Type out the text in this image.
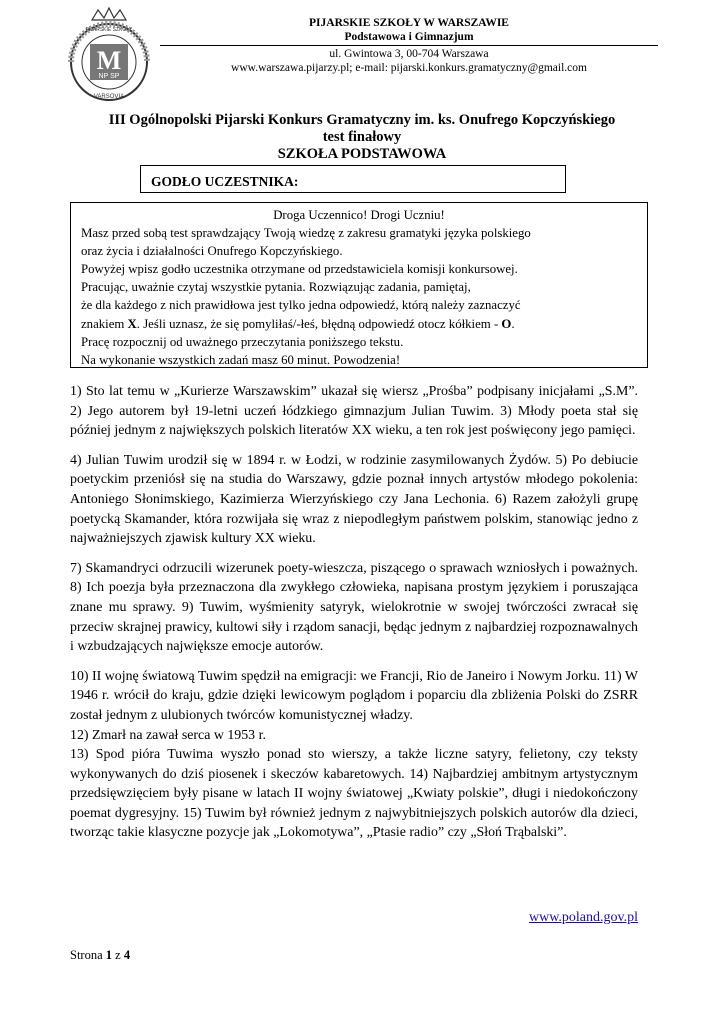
M
NP SP
VARSOVIA
PIJARSKIE SZKOŁY
PIJARSKIE SZKOŁY W WARSZAWIE
Podstawowa i Gimnazjum
ul. Gwintowa 3, 00-704 Warszawa
www.warszawa.pijarzy.pl; e-mail: pijarski.konkurs.gramatyczny@gmail.com
III Ogólnopolski Pijarski Konkurs Gramatyczny im. ks. Onufrego Kopczyńskiego
test finałowy
SZKOŁA PODSTAWOWA
GODŁO UCZESTNIKA:
Droga Uczennico! Drogi Uczniu!
Masz przed sobą test sprawdzający Twoją wiedzę z zakresu gramatyki języka polskiego
oraz życia i działalności Onufrego Kopczyńskiego.
Powyżej wpisz godło uczestnika otrzymane od przedstawiciela komisji konkursowej.
Pracując, uważnie czytaj wszystkie pytania. Rozwiązując zadania, pamiętaj,
że dla każdego z nich prawidłowa jest tylko jedna odpowiedź, którą należy zaznaczyć
znakiem X. Jeśli uznasz, że się pomyliłaś/-łeś, błędną odpowiedź otocz kółkiem - O.
Pracę rozpocznij od uważnego przeczytania poniższego tekstu.
Na wykonanie wszystkich zadań masz 60 minut. Powodzenia!

1) Sto lat temu w „Kurierze Warszawskim” ukazał się wiersz „Prośba” podpisany inicjałami „S.M”. 2) Jego autorem był 19-letni uczeń łódzkiego gimnazjum Julian Tuwim. 3) Młody poeta stał się później jednym z największych polskich literatów XX wieku, a ten rok jest poświęcony jego pamięci.

4) Julian Tuwim urodził się w 1894 r. w Łodzi, w rodzinie zasymilowanych Żydów. 5) Po debiucie poetyckim przeniósł się na studia do Warszawy, gdzie poznał innych artystów młodego pokolenia: Antoniego Słonimskiego, Kazimierza Wierzyńskiego czy Jana Lechonia. 6) Razem założyli grupę poetycką Skamander, która rozwijała się wraz z niepodległym państwem polskim, stanowiąc jedno z najważniejszych zjawisk kultury XX wieku.

7) Skamandryci odrzucili wizerunek poety-wieszcza, piszącego o sprawach wzniosłych i poważnych. 8) Ich poezja była przeznaczona dla zwykłego człowieka, napisana prostym językiem i poruszająca znane mu sprawy. 9) Tuwim, wyśmienity satyryk, wielokrotnie w swojej twórczości zwracał się przeciw skrajnej prawicy, kultowi siły i rządom sanacji, będąc jednym z najbardziej rozpoznawalnych i wzbudzających największe emocje autorów.

10) II wojnę światową Tuwim spędził na emigracji: we Francji, Rio de Janeiro i Nowym Jorku. 11) W 1946 r. wrócił do kraju, gdzie dzięki lewicowym poglądom i poparciu dla zbliżenia Polski do ZSRR został jednym z ulubionych twórców komunistycznej władzy.

12) Zmarł na zawał serca w 1953 r.

13) Spod pióra Tuwima wyszło ponad sto wierszy, a także liczne satyry, felietony, czy teksty wykonywanych do dziś piosenek i skeczów kabaretowych. 14) Najbardziej ambitnym artystycznym przedsięwzięciem były pisane w latach II wojny światowej „Kwiaty polskie”, długi i niedokończony poemat dygresyjny. 15) Tuwim był również jednym z najwybitniejszych polskich autorów dla dzieci, tworząc takie klasyczne pozycje jak „Lokomotywa”, „Ptasie radio” czy „Słoń Trąbalski”.

www.poland.gov.pl
Strona 1 z 4
